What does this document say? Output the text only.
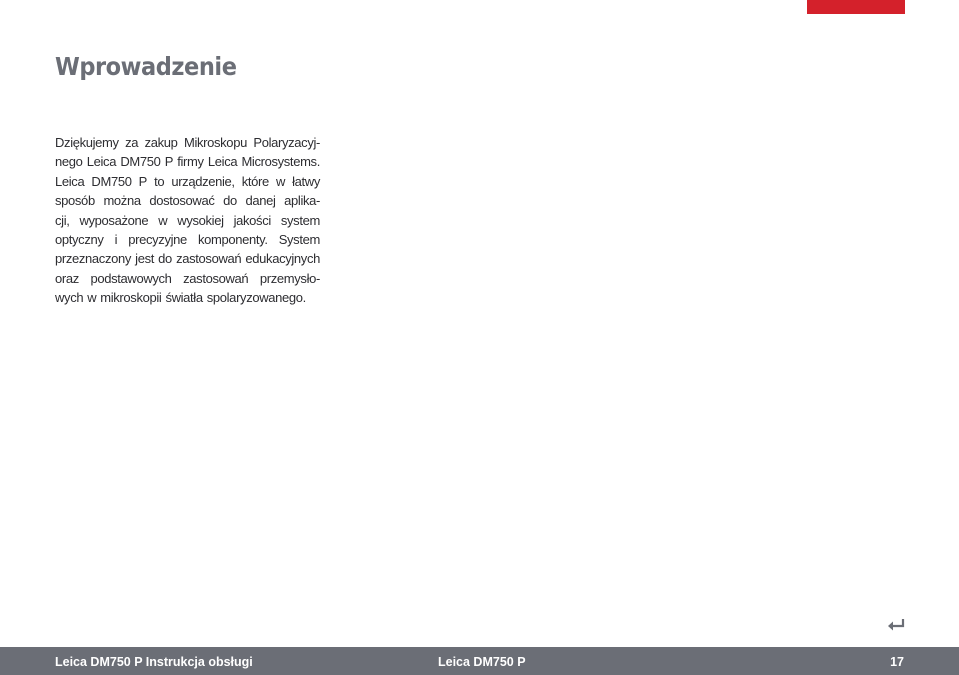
Wprowadzenie
Dziękujemy za zakup Mikroskopu Polaryzacyj-
nego Leica DM750 P firmy Leica Microsystems.
Leica DM750 P to urządzenie, które w łatwy
sposób można dostosować do danej aplika-
cji, wyposażone w wysokiej jakości system
optyczny i precyzyjne komponenty. System
przeznaczony jest do zastosowań edukacyjnych
oraz podstawowych zastosowań przemysło-
wych w mikroskopii światła spolaryzowanego.
Leica DM750 P Instrukcja obsługi	Leica DM750 P	17
